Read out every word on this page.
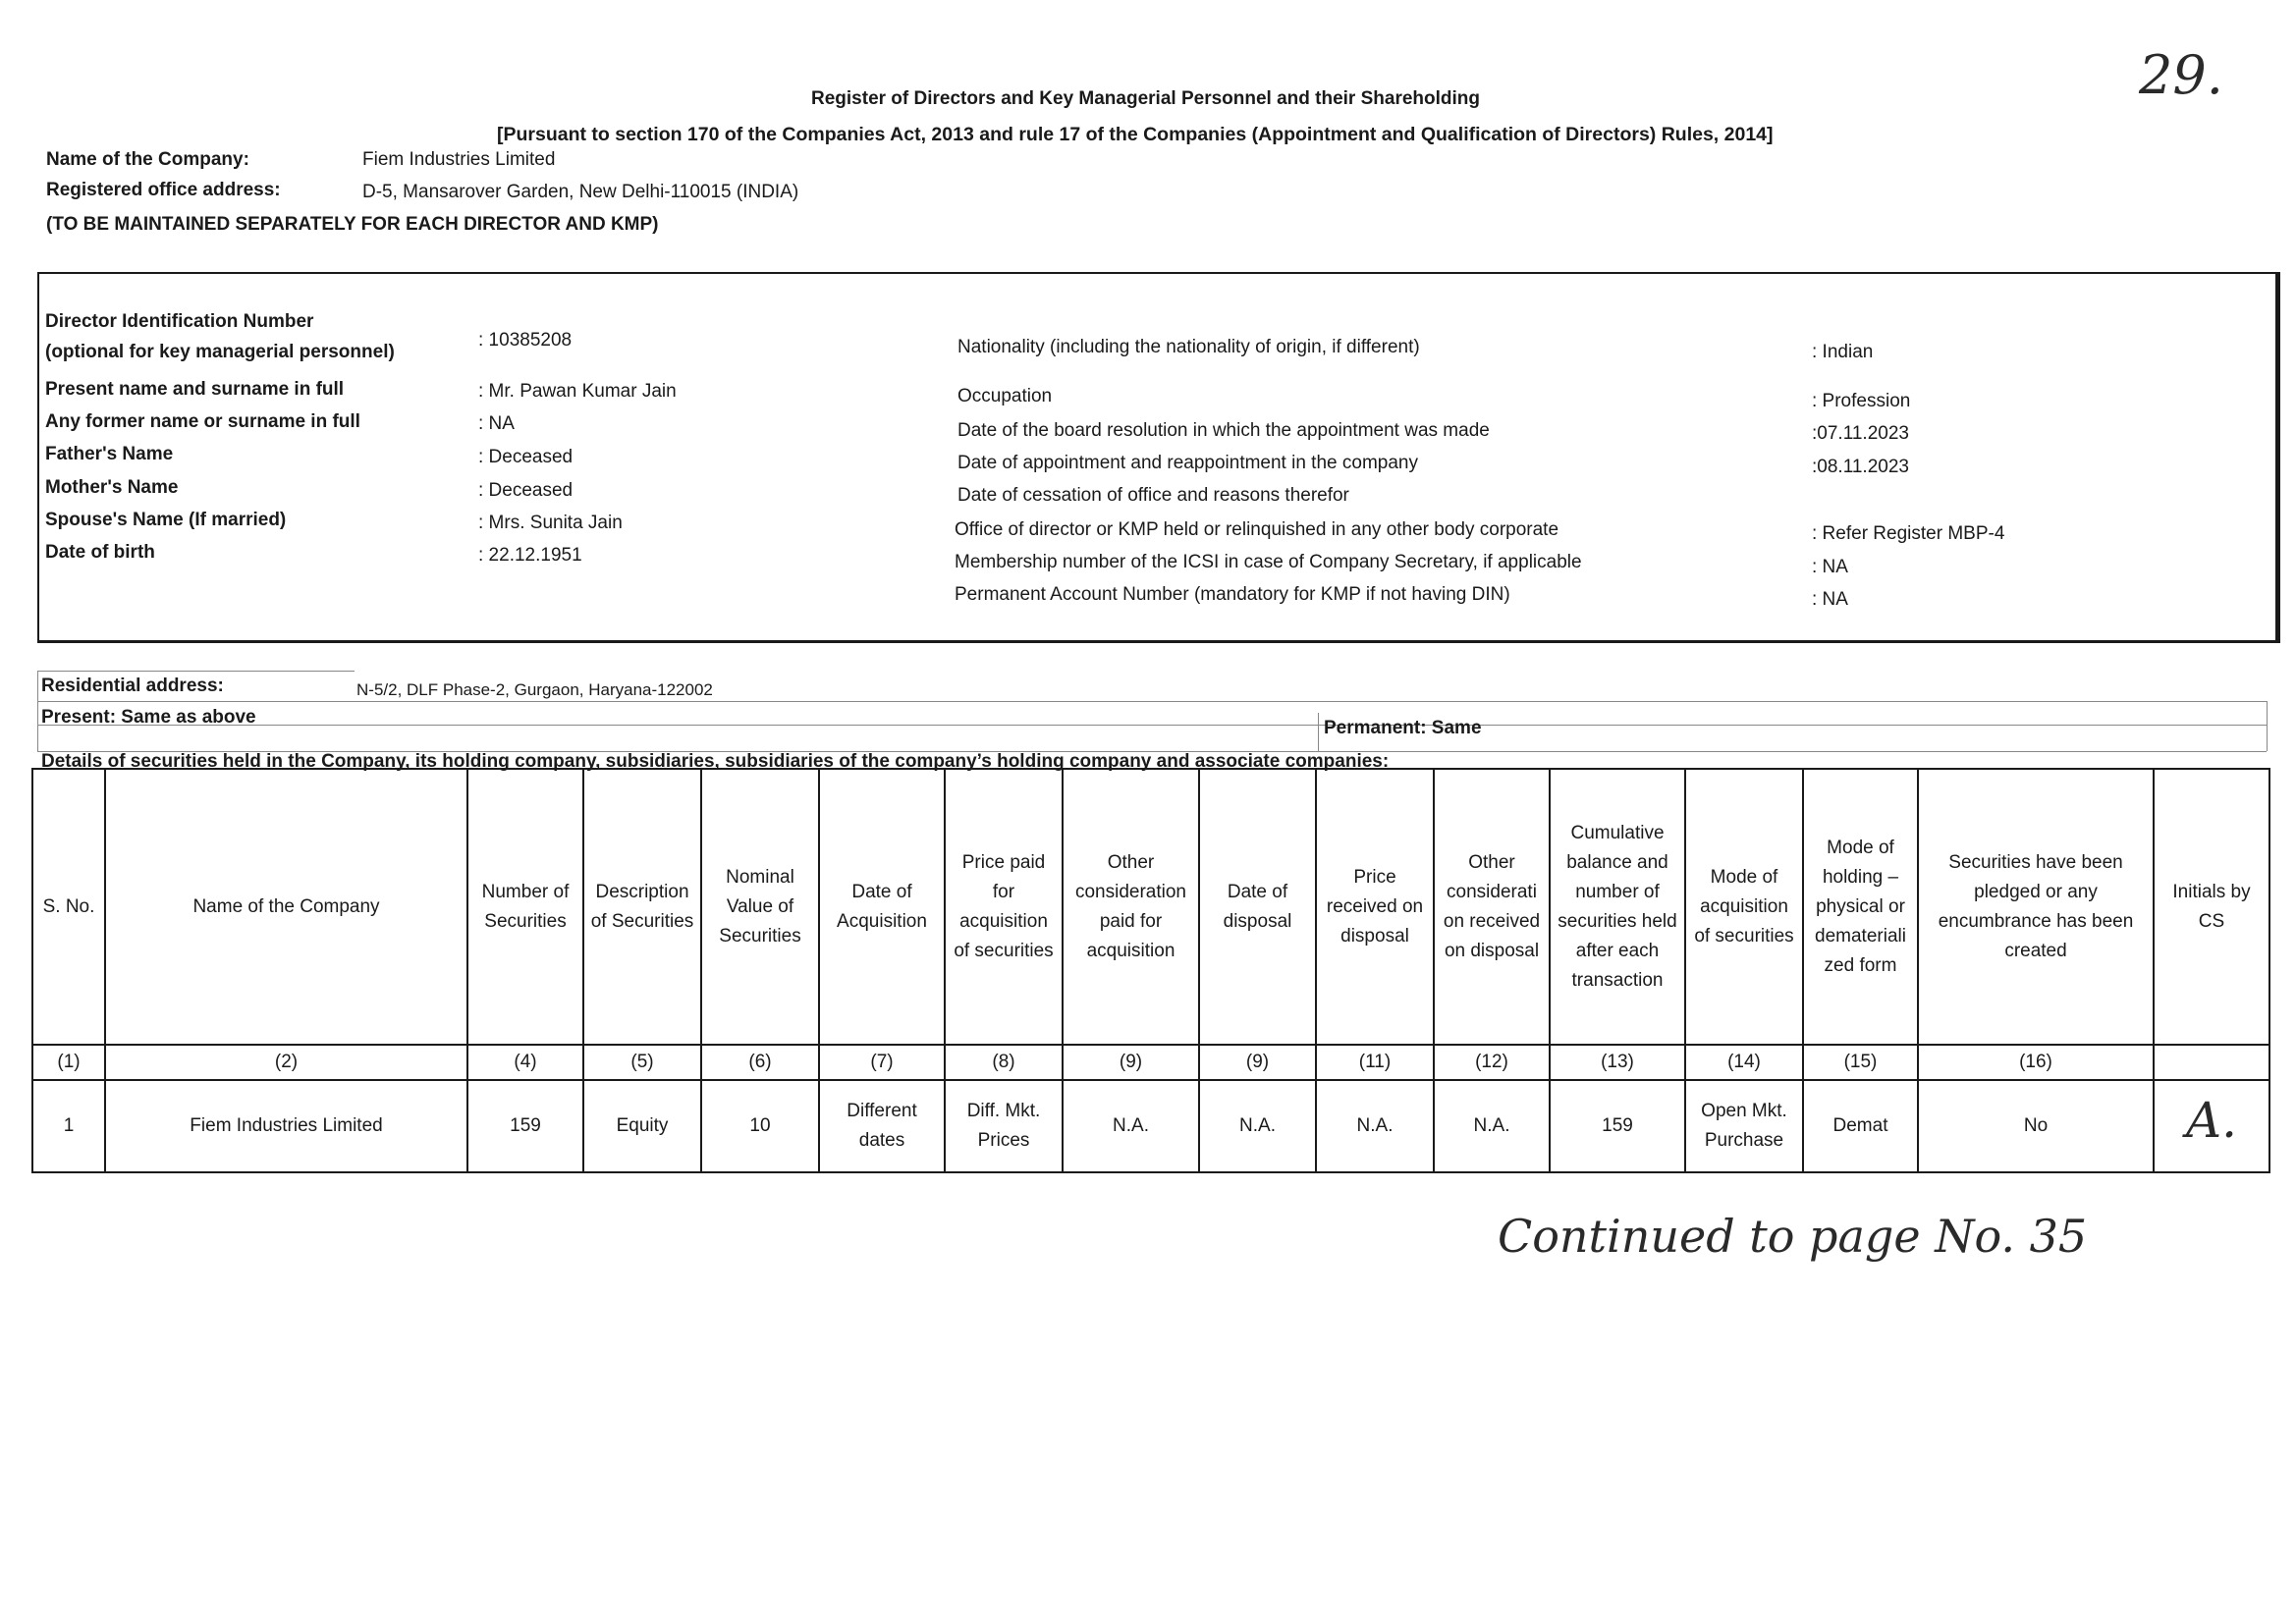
29.
Register of Directors and Key Managerial Personnel and their Shareholding
[Pursuant to section 170 of the Companies Act, 2013 and rule 17 of the Companies (Appointment and Qualification of Directors) Rules, 2014]
Name of the Company:	Fiem Industries Limited
Registered office address:	D-5, Mansarover Garden, New Delhi-110015 (INDIA)
(TO BE MAINTAINED SEPARATELY FOR EACH DIRECTOR AND KMP)
Director Identification Number
(optional for key managerial personnel)
: 10385208
Present name and surname in full	: Mr. Pawan Kumar Jain
Any former name or surname in full	: NA
Father's Name	: Deceased
Mother's Name	: Deceased
Spouse's Name (If married)	: Mrs. Sunita Jain
Date of birth	: 22.12.1951
Nationality (including the nationality of origin, if different)	: Indian
Occupation	: Profession
Date of the board resolution in which the appointment was made	:07.11.2023
Date of appointment and reappointment in the company	:08.11.2023
Date of cessation of office and reasons therefor
Office of director or KMP held or relinquished in any other body corporate	: Refer Register MBP-4
Membership number of the ICSI in case of Company Secretary, if applicable	: NA
Permanent Account Number (mandatory for KMP if not having DIN)	: NA
Residential address:	N-5/2, DLF Phase-2, Gurgaon, Haryana-122002
Present: Same as above
Permanent: Same
Details of securities held in the Company, its holding company, subsidiaries, subsidiaries of the company’s holding company and associate companies:
S. No.	Name of the Company	Number of Securities	Description of Securities	Nominal Value of Securities	Date of Acquisition	Price paid for acquisition of securities	Other consideration paid for acquisition	Date of disposal	Price received on disposal	Other considerati on received on disposal	Cumulative balance and number of securities held after each transaction	Mode of acquisition of securities	Mode of holding – physical or demateriali zed form	Securities have been pledged or any encumbrance has been created	Initials by CS
(1)	(2)	(4)	(5)	(6)	(7)	(8)	(9)	(9)	(11)	(12)	(13)	(14)	(15)	(16)	
1	Fiem Industries Limited	159	Equity	10	Different dates	Diff. Mkt. Prices	N.A.	N.A.	N.A.	N.A.	159	Open Mkt. Purchase	Demat	No	A.
Continued to page No. 35
